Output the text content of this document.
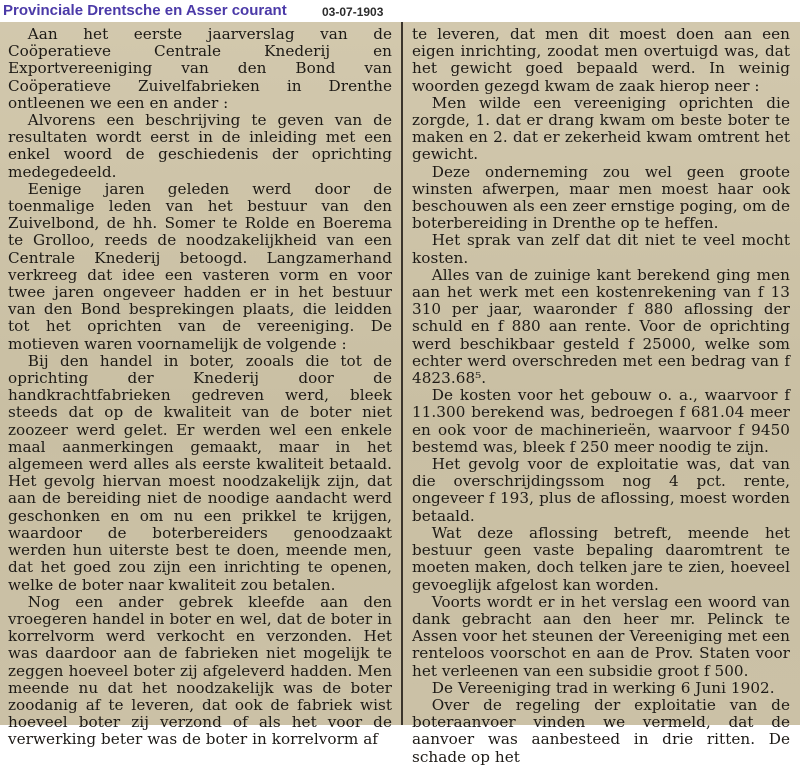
Provinciale Drentsche en Asser courant	03-07-1903

Aan het eerste jaarverslag van de Coöperatieve Centrale Knederij en Exportvereeniging van den Bond van Coöperatieve Zuivelfabrieken in Drenthe ontleenen we een en ander :

Alvorens een beschrijving te geven van de resultaten wordt eerst in de inleiding met een enkel woord de geschiedenis der oprichting medegedeeld.

Eenige jaren geleden werd door de toenmalige leden van het bestuur van den Zuivelbond, de hh. Somer te Rolde en Boerema te Grolloo, reeds de noodzakelijkheid van een Centrale Knederij betoogd. Langzamerhand verkreeg dat idee een vasteren vorm en voor twee jaren ongeveer hadden er in het bestuur van den Bond besprekingen plaats, die leidden tot het oprichten van de vereeniging. De motieven waren voornamelijk de volgende :

Bij den handel in boter, zooals die tot de oprichting der Knederij door de handkrachtfabrieken gedreven werd, bleek steeds dat op de kwaliteit van de boter niet zoozeer werd gelet. Er werden wel een enkele maal aanmerkingen gemaakt, maar in het algemeen werd alles als eerste kwaliteit betaald. Het gevolg hiervan moest noodzakelijk zijn, dat aan de bereiding niet de noodige aandacht werd geschonken en om nu een prikkel te krijgen, waardoor de boterbereiders genoodzaakt werden hun uiterste best te doen, meende men, dat het goed zou zijn een inrichting te openen, welke de boter naar kwaliteit zou betalen.

Nog een ander gebrek kleefde aan den vroegeren handel in boter en wel, dat de boter in korrelvorm werd verkocht en verzonden. Het was daardoor aan de fabrieken niet mogelijk te zeggen hoeveel boter zij afgeleverd hadden. Men meende nu dat het noodzakelijk was de boter zoodanig af te leveren, dat ook de fabriek wist hoeveel boter zij verzond of als het voor de verwerking beter was de boter in korrelvorm af

te leveren, dat men dit moest doen aan een eigen inrichting, zoodat men overtuigd was, dat het gewicht goed bepaald werd. In weinig woorden gezegd kwam de zaak hierop neer :

Men wilde een vereeniging oprichten die zorgde, 1. dat er drang kwam om beste boter te maken en 2. dat er zekerheid kwam omtrent het gewicht.

Deze onderneming zou wel geen groote winsten afwerpen, maar men moest haar ook beschouwen als een zeer ernstige poging, om de boterbereiding in Drenthe op te heffen.

Het sprak van zelf dat dit niet te veel mocht kosten.

Alles van de zuinige kant berekend ging men aan het werk met een kostenrekening van f 13 310 per jaar, waaronder f 880 aflossing der schuld en f 880 aan rente. Voor de oprichting werd beschikbaar gesteld f 25000, welke som echter werd overschreden met een bedrag van f 4823.68⁵.

De kosten voor het gebouw o. a., waarvoor f 11.300 berekend was, bedroegen f 681.04 meer en ook voor de machinerieën, waarvoor f 9450 bestemd was, bleek f 250 meer noodig te zijn.

Het gevolg voor de exploitatie was, dat van die overschrijdingssom nog 4 pct. rente, ongeveer f 193, plus de aflossing, moest worden betaald.

Wat deze aflossing betreft, meende het bestuur geen vaste bepaling daaromtrent te moeten maken, doch telken jare te zien, hoeveel gevoeglijk afgelost kan worden.

Voorts wordt er in het verslag een woord van dank gebracht aan den heer mr. Pelinck te Assen voor het steunen der Vereeniging met een renteloos voorschot en aan de Prov. Staten voor het verleenen van een subsidie groot f 500.

De Vereeniging trad in werking 6 Juni 1902.

Over de regeling der exploitatie van de boteraanvoer vinden we vermeld, dat de aanvoer was aanbesteed in drie ritten. De schade op het
